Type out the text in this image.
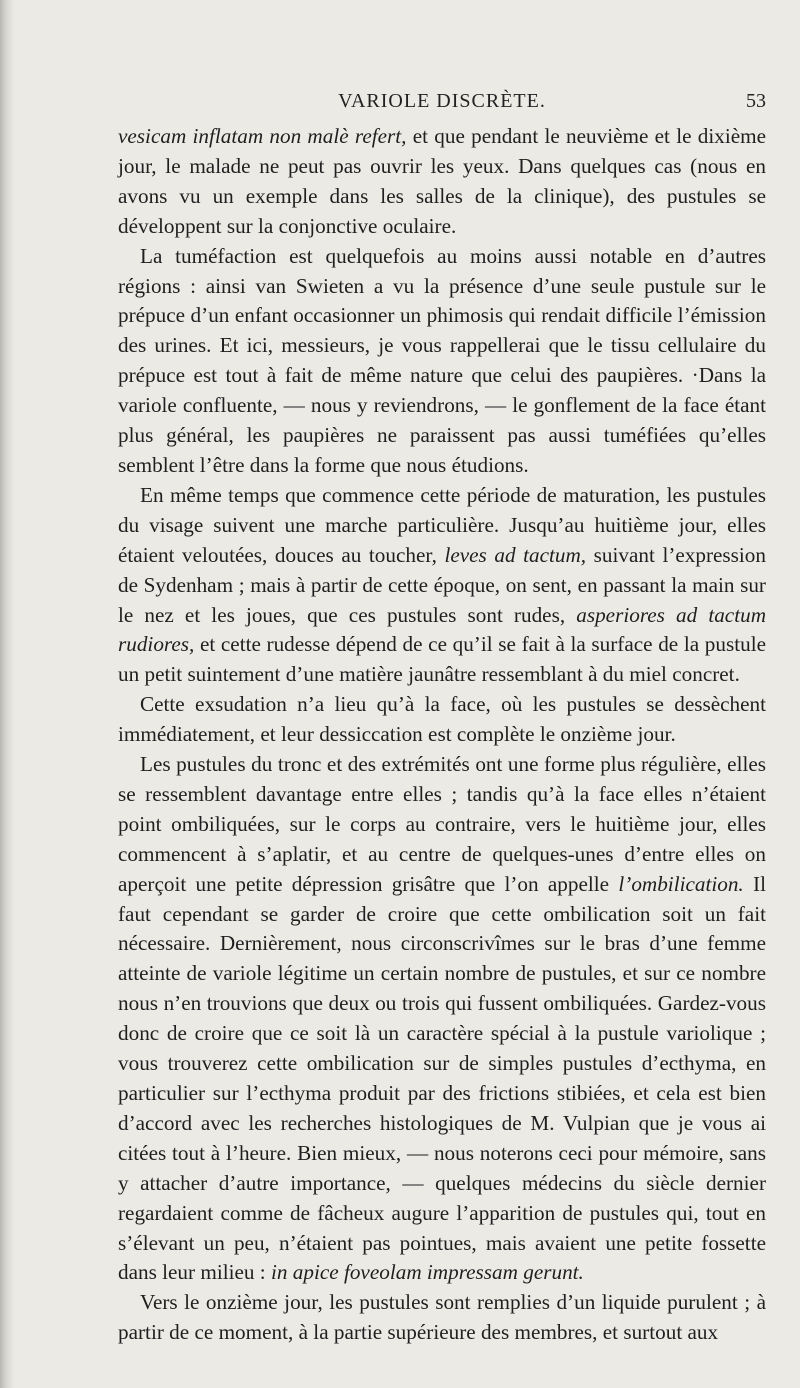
VARIOLE DISCRÈTE.	53

vesicam inflatam non malè refert, et que pendant le neuvième et le dixième jour, le malade ne peut pas ouvrir les yeux. Dans quelques cas (nous en avons vu un exemple dans les salles de la clinique), des pustules se développent sur la conjonctive oculaire.

La tuméfaction est quelquefois au moins aussi notable en d’autres régions : ainsi van Swieten a vu la présence d’une seule pustule sur le prépuce d’un enfant occasionner un phimosis qui rendait difficile l’émission des urines. Et ici, messieurs, je vous rappellerai que le tissu cellulaire du prépuce est tout à fait de même nature que celui des paupières. ·Dans la variole confluente, — nous y reviendrons, — le gonflement de la face étant plus général, les paupières ne paraissent pas aussi tuméfiées qu’elles semblent l’être dans la forme que nous étudions.

En même temps que commence cette période de maturation, les pustules du visage suivent une marche particulière. Jusqu’au huitième jour, elles étaient veloutées, douces au toucher, leves ad tactum, suivant l’expression de Sydenham ; mais à partir de cette époque, on sent, en passant la main sur le nez et les joues, que ces pustules sont rudes, asperiores ad tactum rudiores, et cette rudesse dépend de ce qu’il se fait à la surface de la pustule un petit suintement d’une matière jaunâtre ressemblant à du miel concret.

Cette exsudation n’a lieu qu’à la face, où les pustules se dessèchent immédiatement, et leur dessiccation est complète le onzième jour.

Les pustules du tronc et des extrémités ont une forme plus régulière, elles se ressemblent davantage entre elles ; tandis qu’à la face elles n’étaient point ombiliquées, sur le corps au contraire, vers le huitième jour, elles commencent à s’aplatir, et au centre de quelques-unes d’entre elles on aperçoit une petite dépression grisâtre que l’on appelle l’ombilication. Il faut cependant se garder de croire que cette ombilication soit un fait nécessaire. Dernièrement, nous circonscrivîmes sur le bras d’une femme atteinte de variole légitime un certain nombre de pustules, et sur ce nombre nous n’en trouvions que deux ou trois qui fussent ombiliquées. Gardez-vous donc de croire que ce soit là un caractère spécial à la pustule variolique ; vous trouverez cette ombilication sur de simples pustules d’ecthyma, en particulier sur l’ecthyma produit par des frictions stibiées, et cela est bien d’accord avec les recherches histologiques de M. Vulpian que je vous ai citées tout à l’heure. Bien mieux, — nous noterons ceci pour mémoire, sans y attacher d’autre importance, — quelques médecins du siècle dernier regardaient comme de fâcheux augure l’apparition de pustules qui, tout en s’élevant un peu, n’étaient pas pointues, mais avaient une petite fossette dans leur milieu : in apice foveolam impressam gerunt.

Vers le onzième jour, les pustules sont remplies d’un liquide purulent ; à partir de ce moment, à la partie supérieure des membres, et surtout aux
